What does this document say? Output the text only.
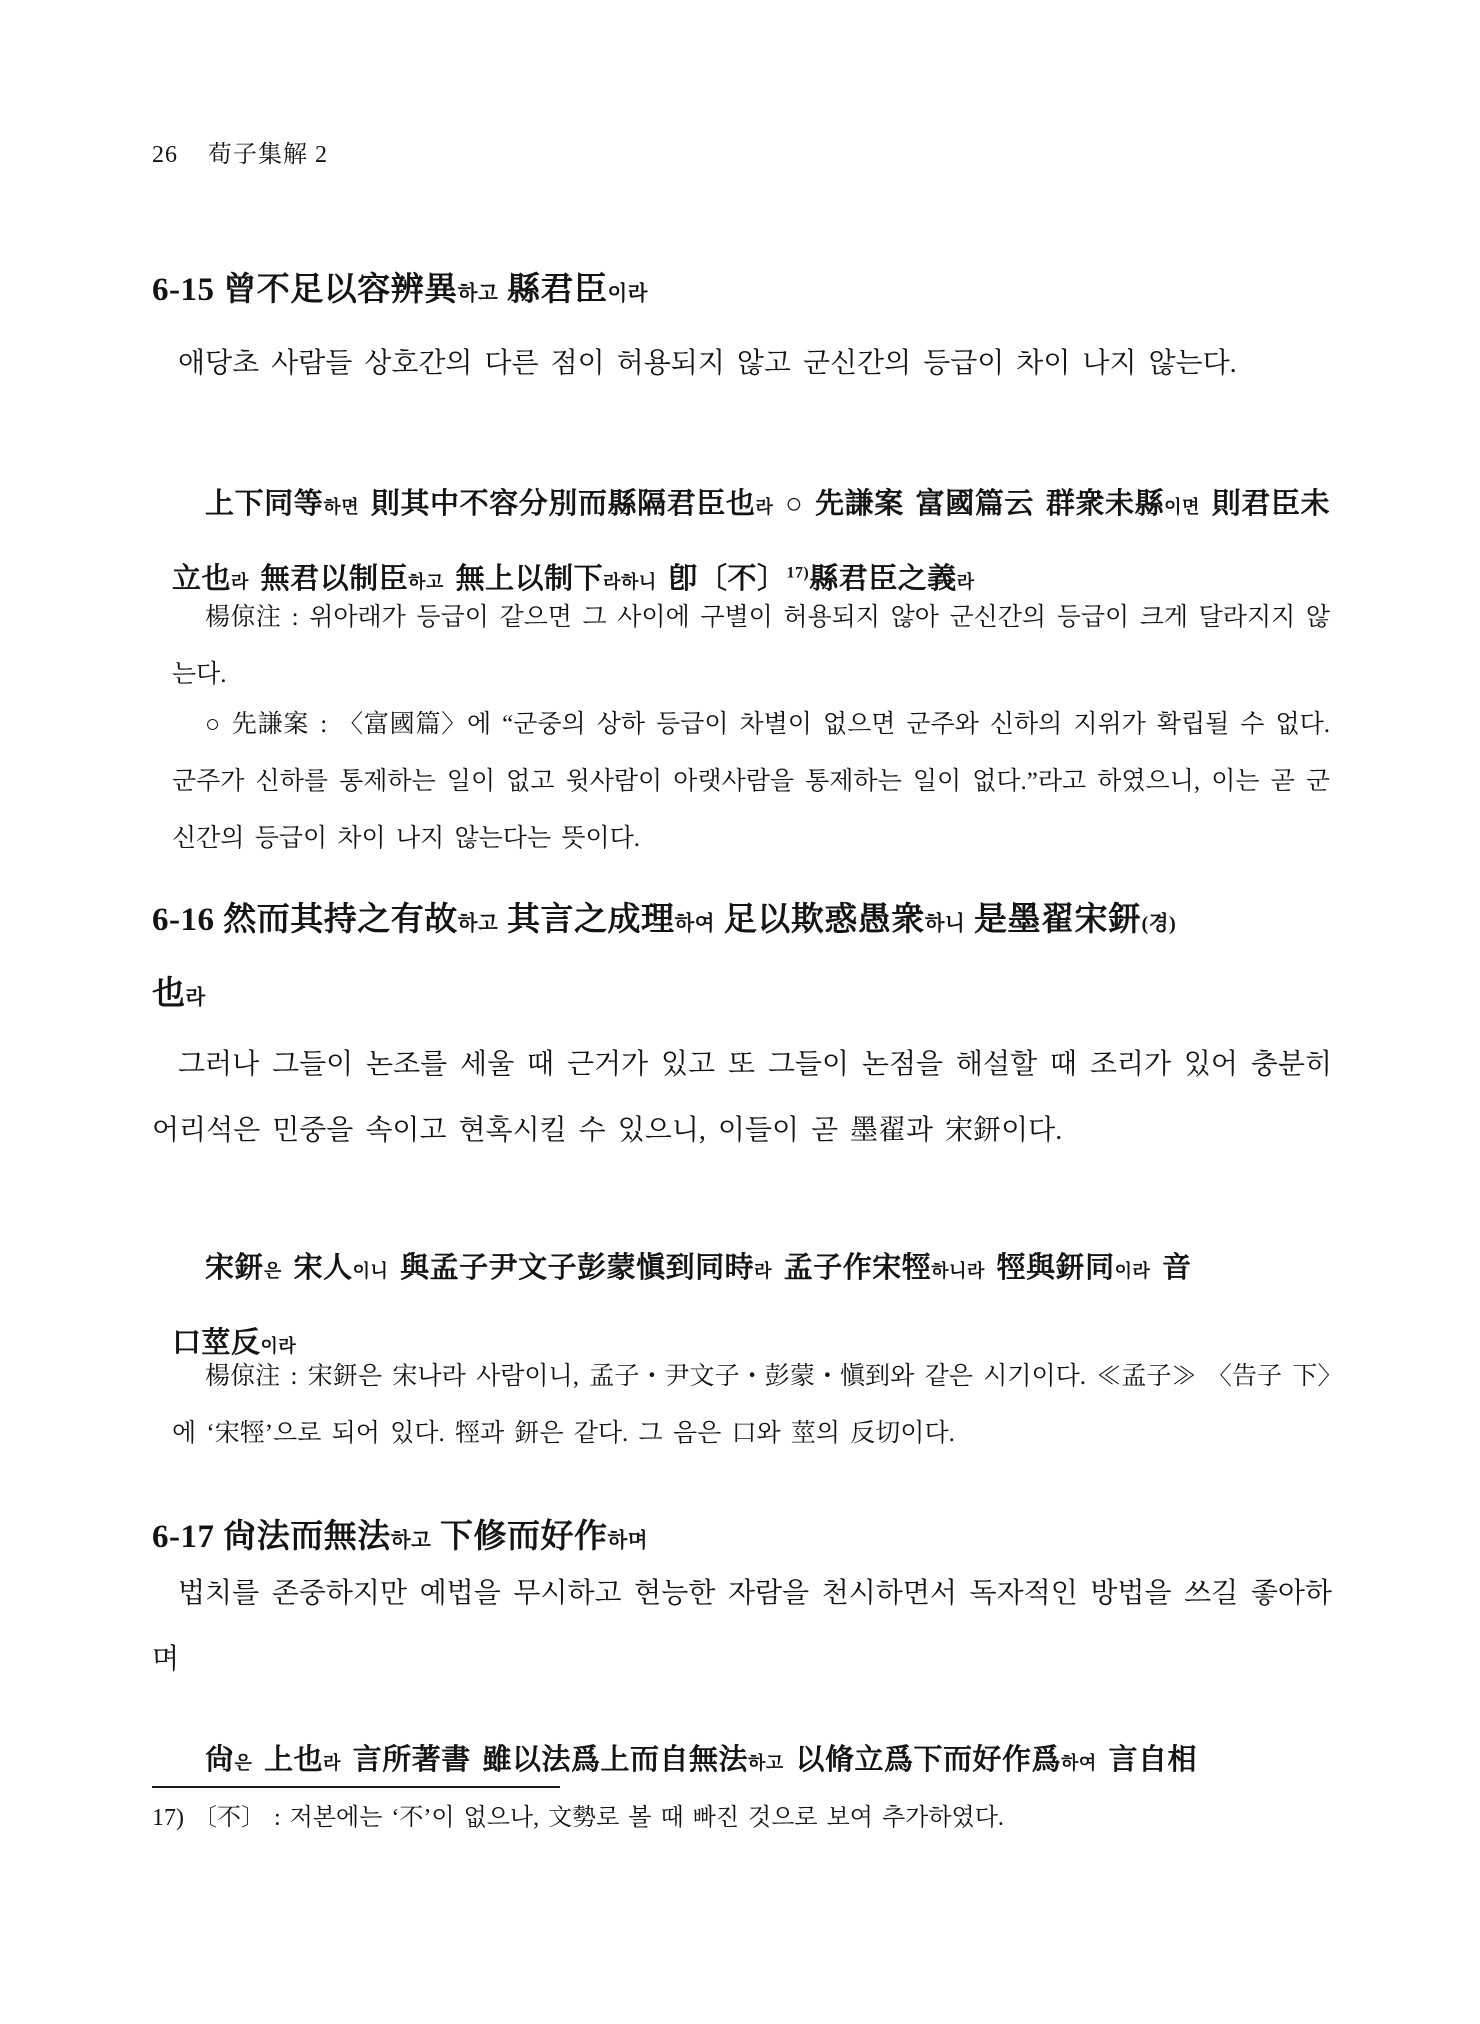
26 荀子集解 2
6-15 曾不足以容辨異하고 縣君臣이라
애당초 사람들 상호간의 다른 점이 허용되지 않고 군신간의 등급이 차이 나지 않는다.
上下同等하면 則其中不容分別而縣隔君臣也라 ○ 先謙案 富國篇云 群衆未縣이면 則君臣未立也라 無君以制臣하고 無上以制下라하니 卽〔不〕$^{17)}$縣君臣之義라
楊倞注 : 위아래가 등급이 같으면 그 사이에 구별이 허용되지 않아 군신간의 등급이 크게 달라지지 않는다.
○ 先謙案 : 〈富國篇〉에 “군중의 상하 등급이 차별이 없으면 군주와 신하의 지위가 확립될 수 없다. 군주가 신하를 통제하는 일이 없고 윗사람이 아랫사람을 통제하는 일이 없다.”라고 하였으니, 이는 곧 군신간의 등급이 차이 나지 않는다는 뜻이다.
6-16 然而其持之有故하고 其言之成理하여 足以欺惑愚衆하니 是墨翟宋鈃(경)
也라
그러나 그들이 논조를 세울 때 근거가 있고 또 그들이 논점을 해설할 때 조리가 있어 충분히 어리석은 민중을 속이고 현혹시킬 수 있으니, 이들이 곧 墨翟과 宋鈃이다.
宋鈃은 宋人이니 與孟子尹文子彭蒙愼到同時라 孟子作宋牼하니라 牼與鈃同이라 音
口莖反이라
楊倞注 : 宋鈃은 宋나라 사람이니, 孟子・尹文子・彭蒙・愼到와 같은 시기이다. ≪孟子≫ 〈告子 下〉에 ‘宋牼’으로 되어 있다. 牼과 鈃은 같다. 그 음은 口와 莖의 反切이다.
6-17 尙法而無法하고 下修而好作하며
법치를 존중하지만 예법을 무시하고 현능한 자람을 천시하면서 독자적인 방법을 쓰길 좋아하며
尙은 上也라 言所著書 雖以法爲上而自無法하고 以脩立爲下而好作爲하여 言自相
17) 〔不〕 : 저본에는 ‘不’이 없으나, 文勢로 볼 때 빠진 것으로 보여 추가하였다.
